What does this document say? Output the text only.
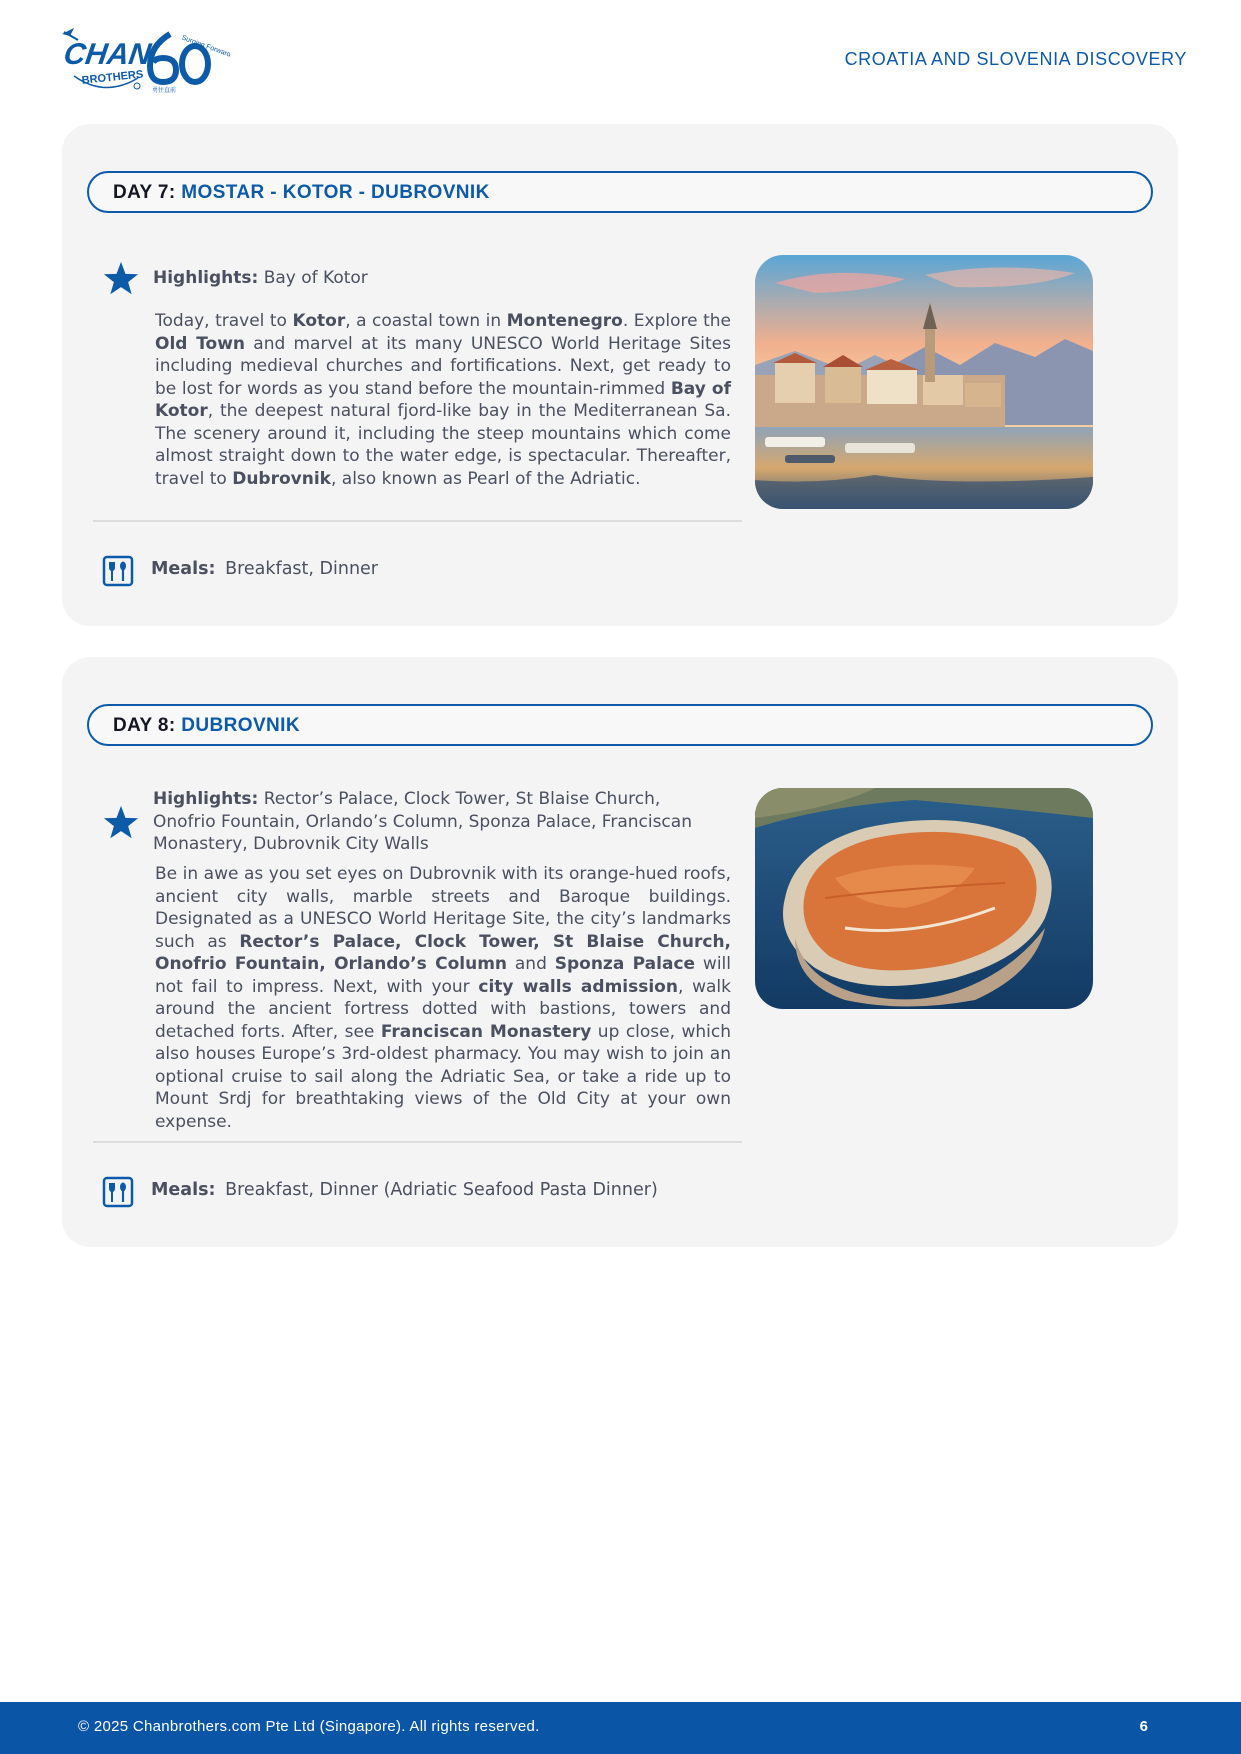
CHAN
BROTHERS
Surging Forward
勇往直前
CROATIA AND SLOVENIA DISCOVERY
DAY 7: MOSTAR - KOTOR - DUBROVNIK
Highlights: Bay of Kotor
Today, travel to Kotor, a coastal town in Montenegro. Explore the Old Town and marvel at its many UNESCO World Heritage Sites including medieval churches and fortifications. Next, get ready to be lost for words as you stand before the mountain-rimmed Bay of Kotor, the deepest natural fjord-like bay in the Mediterranean Sa. The scenery around it, including the steep mountains which come almost straight down to the water edge, is spectacular. Thereafter, travel to Dubrovnik, also known as Pearl of the Adriatic.
Meals: Breakfast, Dinner
DAY 8: DUBROVNIK
Highlights: Rector’s Palace, Clock Tower, St Blaise Church, Onofrio Fountain, Orlando’s Column, Sponza Palace, Franciscan Monastery, Dubrovnik City Walls
Be in awe as you set eyes on Dubrovnik with its orange-hued roofs, ancient city walls, marble streets and Baroque buildings. Designated as a UNESCO World Heritage Site, the city’s landmarks such as Rector’s Palace, Clock Tower, St Blaise Church, Onofrio Fountain, Orlando’s Column and Sponza Palace will not fail to impress. Next, with your city walls admission, walk around the ancient fortress dotted with bastions, towers and detached forts. After, see Franciscan Monastery up close, which also houses Europe’s 3rd-oldest pharmacy. You may wish to join an optional cruise to sail along the Adriatic Sea, or take a ride up to Mount Srdj for breathtaking views of the Old City at your own expense.
Meals: Breakfast, Dinner (Adriatic Seafood Pasta Dinner)
© 2025 Chanbrothers.com Pte Ltd (Singapore). All rights reserved.	6
